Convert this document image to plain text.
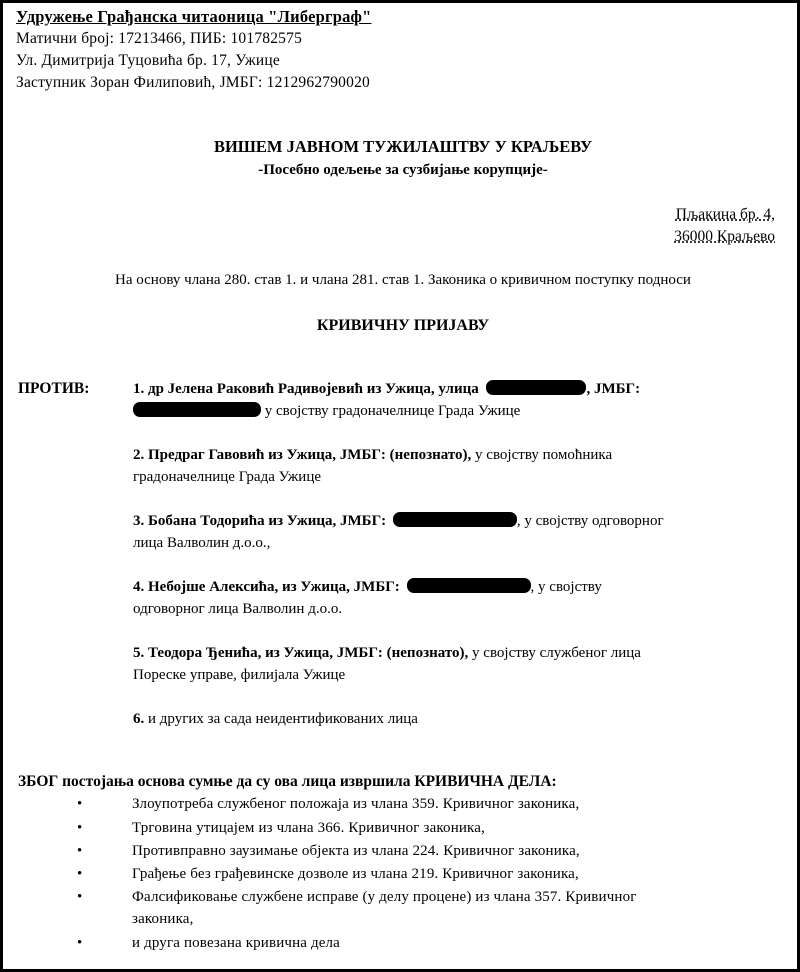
Удружење Грађанска читаоница "Либерграф"
Матични број: 17213466, ПИБ: 101782575
Ул. Димитрија Туцовића бр. 17, Ужице
Заступник Зоран Филиповић, ЈМБГ: 1212962790020
ВИШЕМ ЈАВНОМ ТУЖИЛАШТВУ У КРАЉЕВУ
-Посебно одељење за сузбијање корупције-
Пљакина бр. 4,
36000 Краљево
На основу члана 280. став 1. и члана 281. став 1. Законика о кривичном поступку подноси
КРИВИЧНУ ПРИЈАВУ
ПРОТИВ:	1. др Јелена Раковић Радивојевић из Ужица, улица	, ЈМБГ:
у својству градоначелнице Града Ужице
2. Предраг Гавовић из Ужица, ЈМБГ: (непознато), у својству помоћника
градоначелнице Града Ужице
3. Бобана Тодорића из Ужица, ЈМБГ:	, у својству одговорног
лица Валволин д.о.о.,
4. Небојше Алексића, из Ужица, ЈМБГ:	, у својству
одговорног лица Валволин д.о.о.
5. Теодора Ђенића, из Ужица, ЈМБГ: (непознато), у својству службеног лица
Пореске управе, филијала Ужице
6. и других за сада неидентификованих лица
ЗБОГ постојања основа сумње да су ова лица извршила КРИВИЧНА ДЕЛА:
•	Злоупотреба службеног положаја из члана 359. Кривичног законика,
•	Трговина утицајем из члана 366. Кривичног законика,
•	Противправно заузимање објекта из члана 224. Кривичног законика,
•	Грађење без грађевинске дозволе из члана 219. Кривичног законика,
•	Фалсификовање службене исправе (у делу процене) из члана 357. Кривичног
законика,
•	и друга повезана кривична дела
